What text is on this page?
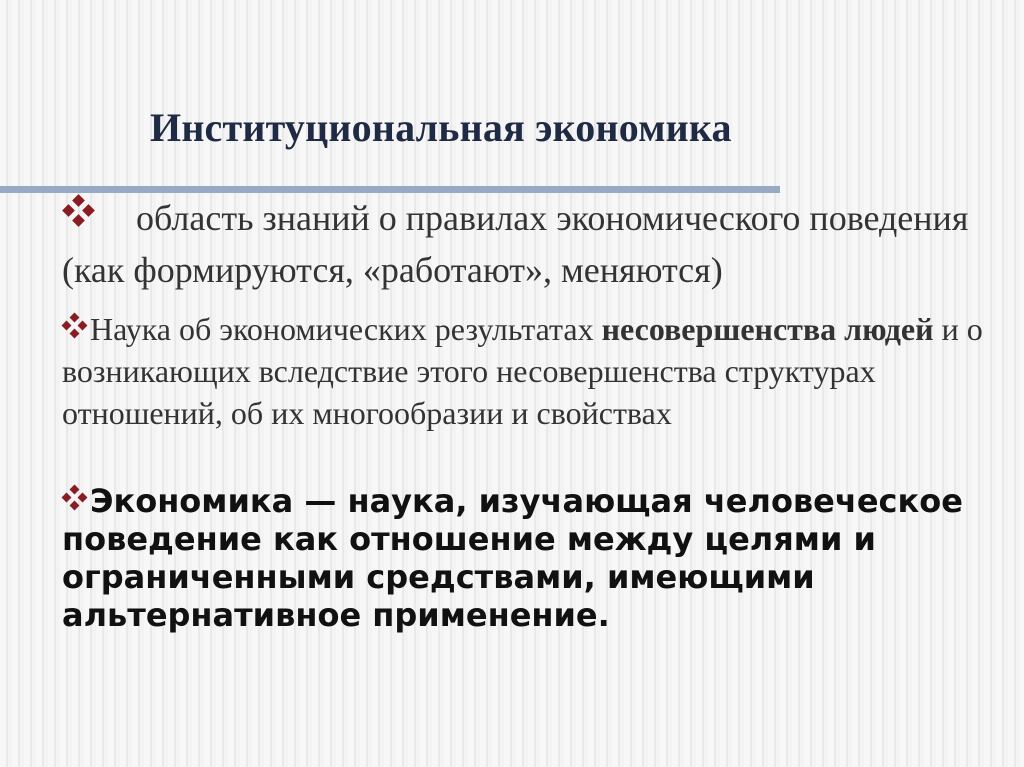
Институциональная экономика
область знаний о правилах экономического поведения (как формируются, «работают», меняются)
Наука об экономических результатах несовершенства людей и о возникающих вследствие этого несовершенства структурах отношений, об их многообразии и свойствах
Экономика — наука, изучающая человеческое поведение как отношение между целями и ограниченными средствами, имеющими альтернативное применение.
